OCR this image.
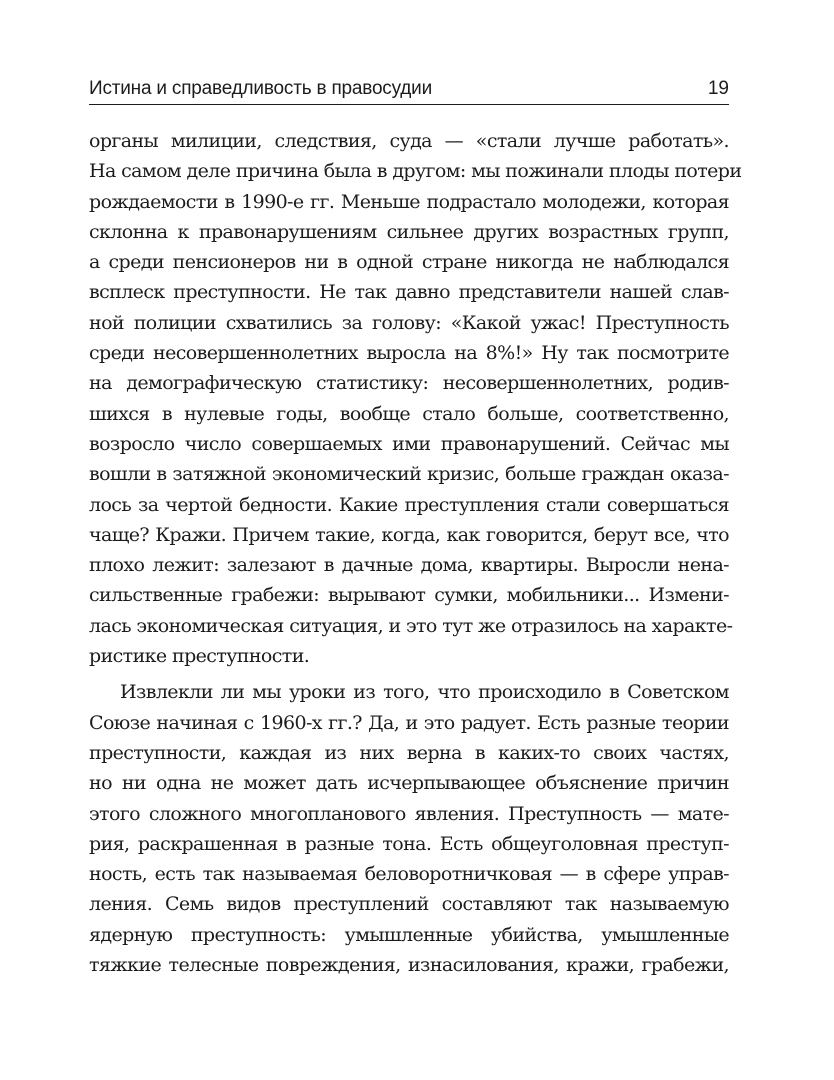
Истина и справедливость в правосудии	19
органы милиции, следствия, суда — «стали лучше работать».
На самом деле причина была в другом: мы пожинали плоды потери
рождаемости в 1990-е гг. Меньше подрастало молодежи, которая
склонна к правонарушениям сильнее других возрастных групп,
а среди пенсионеров ни в одной стране никогда не наблюдался
всплеск преступности. Не так давно представители нашей слав-
ной полиции схватились за голову: «Какой ужас! Преступность
среди несовершеннолетних выросла на 8%!» Ну так посмотрите
на демографическую статистику: несовершеннолетних, родив-
шихся в нулевые годы, вообще стало больше, соответственно,
возросло число совершаемых ими правонарушений. Сейчас мы
вошли в затяжной экономический кризис, больше граждан оказа-
лось за чертой бедности. Какие преступления стали совершаться
чаще? Кражи. Причем такие, когда, как говорится, берут все, что
плохо лежит: залезают в дачные дома, квартиры. Выросли нена-
сильственные грабежи: вырывают сумки, мобильники... Измени-
лась экономическая ситуация, и это тут же отразилось на характе-
ристике преступности.
Извлекли ли мы уроки из того, что происходило в Советском
Союзе начиная с 1960-х гг.? Да, и это радует. Есть разные теории
преступности, каждая из них верна в каких-то своих частях,
но ни одна не может дать исчерпывающее объяснение причин
этого сложного многопланового явления. Преступность — мате-
рия, раскрашенная в разные тона. Есть общеуголовная преступ-
ность, есть так называемая беловоротничковая — в сфере управ-
ления. Семь видов преступлений составляют так называемую
ядерную преступность: умышленные убийства, умышленные
тяжкие телесные повреждения, изнасилования, кражи, грабежи,
